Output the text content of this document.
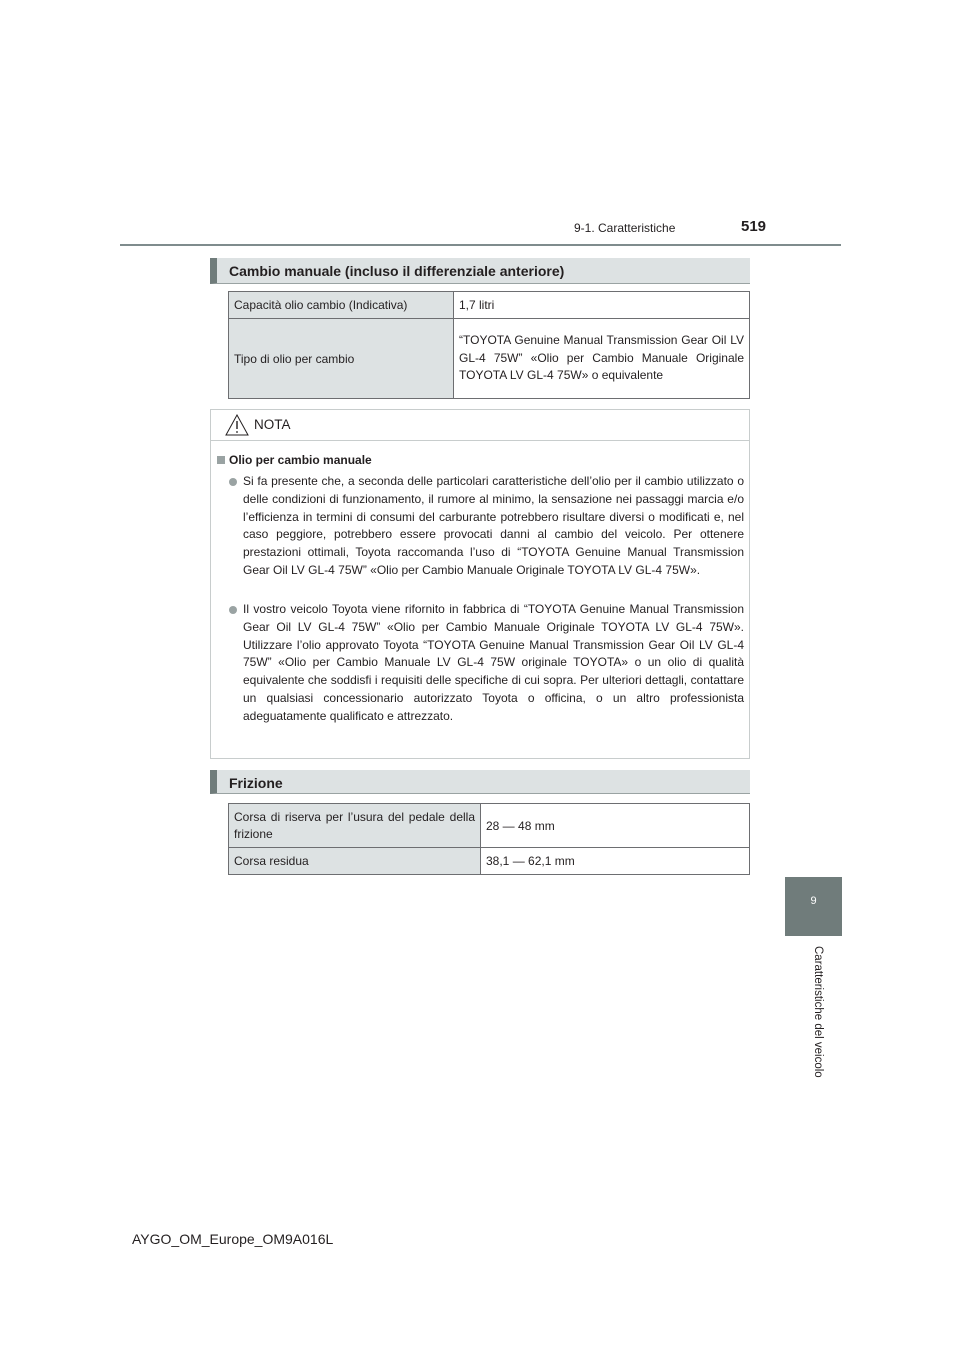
9-1. Caratteristiche	519
9
Caratteristiche del veicolo
Cambio manuale (incluso il differenziale anteriore)
Capacità olio cambio (Indicativa)	1,7 litri
Tipo di olio per cambio	“TOYOTA Genuine Manual Transmission Gear Oil LV GL-4 75W” «Olio per Cambio Manuale Originale TOYOTA LV GL-4 75W» o equivalente
NOTA
Olio per cambio manuale
Si fa presente che, a seconda delle particolari caratteristiche dell’olio per il cambio utilizzato o delle condizioni di funzionamento, il rumore al minimo, la sensazione nei passaggi marcia e/o l’efficienza in termini di consumi del carburante potrebbero risultare diversi o modificati e, nel caso peggiore, potrebbero essere provocati danni al cambio del veicolo. Per ottenere prestazioni ottimali, Toyota raccomanda l’uso di “TOYOTA Genuine Manual Transmission Gear Oil LV GL-4 75W” «Olio per Cambio Manuale Originale TOYOTA LV GL-4 75W».
Il vostro veicolo Toyota viene rifornito in fabbrica di “TOYOTA Genuine Manual Transmission Gear Oil LV GL-4 75W” «Olio per Cambio Manuale Originale TOYOTA LV GL-4 75W». Utilizzare l’olio approvato Toyota “TOYOTA Genuine Manual Transmission Gear Oil LV GL-4 75W” «Olio per Cambio Manuale LV GL-4 75W originale TOYOTA» o un olio di qualità equivalente che soddisfi i requisiti delle specifiche di cui sopra. Per ulteriori dettagli, contattare un qualsiasi concessionario autorizzato Toyota o officina, o un altro professionista adeguatamente qualificato e attrezzato.
Frizione
Corsa di riserva per l’usura del pedale della frizione	28 — 48 mm
Corsa residua	38,1 — 62,1 mm
AYGO_OM_Europe_OM9A016L
